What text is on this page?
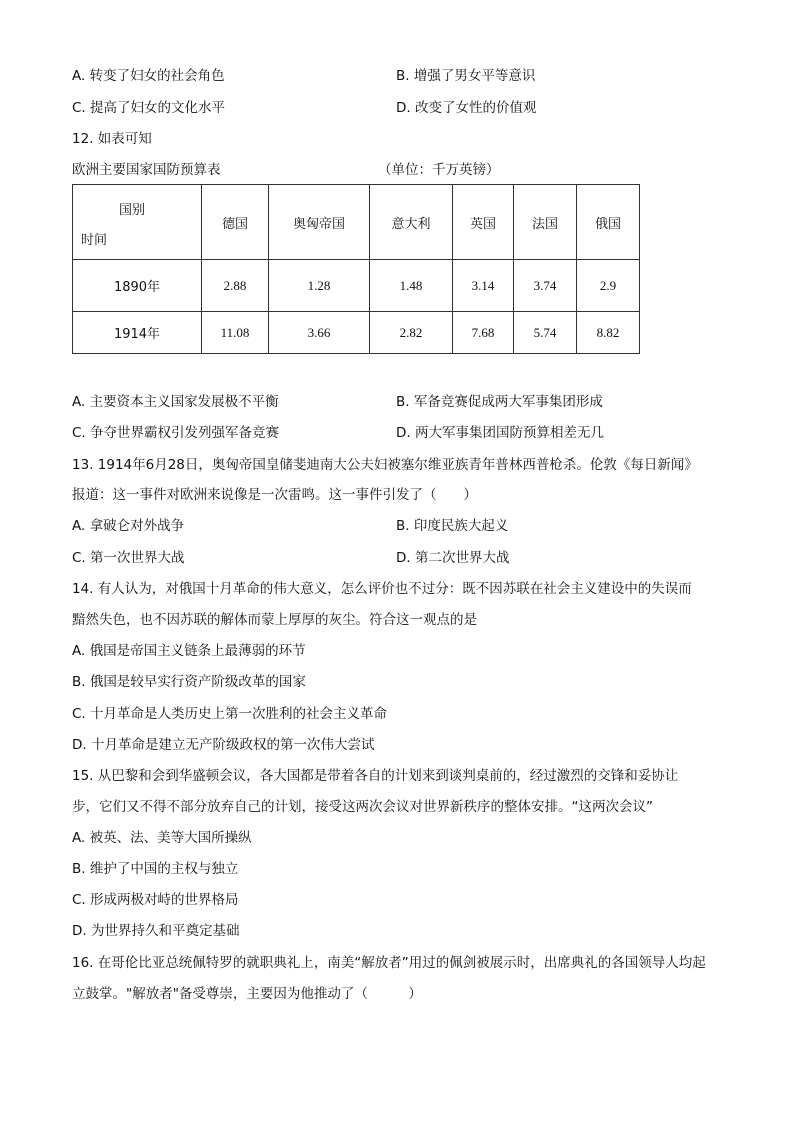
A. 转变了妇女的社会角色	B. 增强了男女平等意识
C. 提高了妇女的文化水平	D. 改变了女性的价值观
12. 如表可知
欧洲主要国家国防预算表	（单位：千万英镑）
国别
时间	德国	奥匈帝国	意大利	英国	法国	俄国
1890年	2.88	1.28	1.48	3.14	3.74	2.9
1914年	11.08	3.66	2.82	7.68	5.74	8.82
A. 主要资本主义国家发展极不平衡	B. 军备竞赛促成两大军事集团形成
C. 争夺世界霸权引发列强军备竞赛	D. 两大军事集团国防预算相差无几
13. 1914年6月28日，奥匈帝国皇储斐迪南大公夫妇被塞尔维亚族青年普林西普枪杀。伦敦《每日新闻》
报道：这一事件对欧洲来说像是一次雷鸣。这一事件引发了（　　）
A. 拿破仑对外战争	B. 印度民族大起义
C. 第一次世界大战	D. 第二次世界大战
14. 有人认为，对俄国十月革命的伟大意义，怎么评价也不过分：既不因苏联在社会主义建设中的失误而
黯然失色，也不因苏联的解体而蒙上厚厚的灰尘。符合这一观点的是
A. 俄国是帝国主义链条上最薄弱的环节
B. 俄国是较早实行资产阶级改革的国家
C. 十月革命是人类历史上第一次胜利的社会主义革命
D. 十月革命是建立无产阶级政权的第一次伟大尝试
15. 从巴黎和会到华盛顿会议，各大国都是带着各自的计划来到谈判桌前的，经过激烈的交锋和妥协让
步，它们又不得不部分放弃自己的计划，接受这两次会议对世界新秩序的整体安排。“这两次会议”
A. 被英、法、美等大国所操纵
B. 维护了中国的主权与独立
C. 形成两极对峙的世界格局
D. 为世界持久和平奠定基础
16. 在哥伦比亚总统佩特罗的就职典礼上，南美“解放者”用过的佩剑被展示时，出席典礼的各国领导人均起
立鼓掌。"解放者"备受尊崇，主要因为他推动了（　　　）
